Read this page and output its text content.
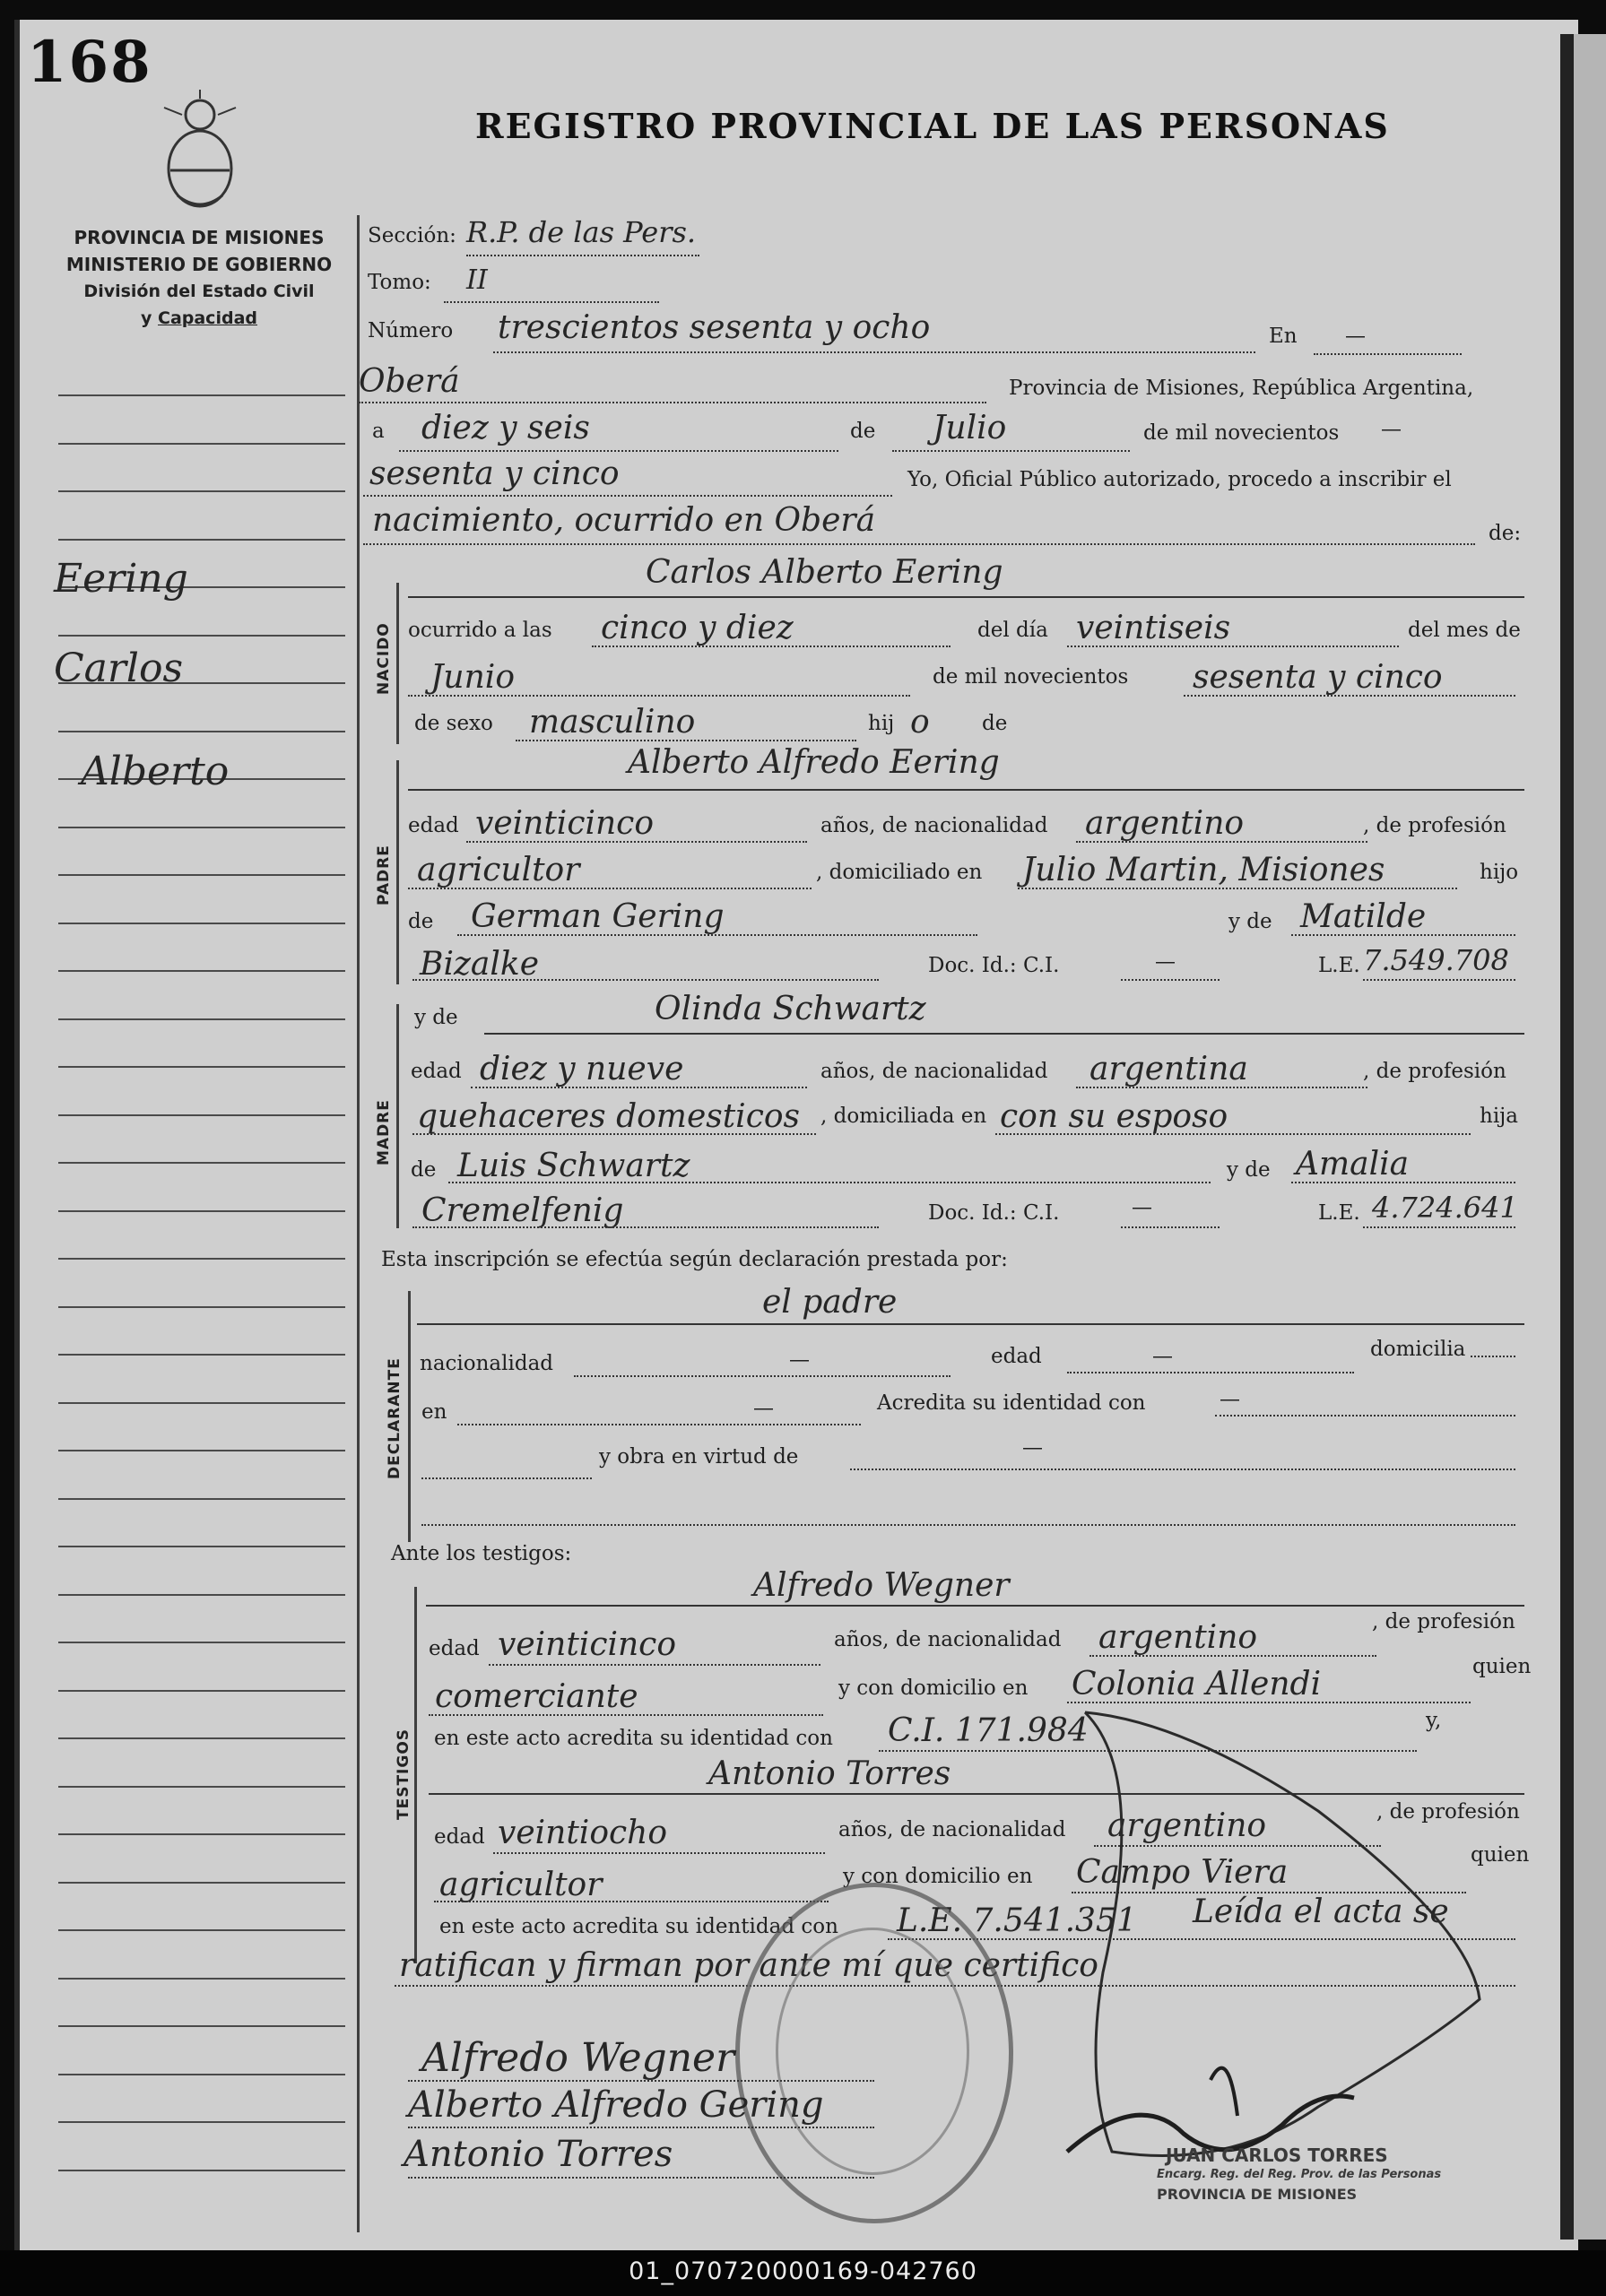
168
REGISTRO PROVINCIAL DE LAS PERSONAS
PROVINCIA DE MISIONES
MINISTERIO DE GOBIERNO
División del Estado Civil
y Capacidad
Eering
Carlos
Alberto
Sección: R.P. de las Pers.
Tomo: II
Número trescientos sesenta y ocho	En —
Oberá	Provincia de Misiones, República Argentina,
a diez y seis	de Julio	de mil novecientos —
sesenta y cinco	Yo, Oficial Público autorizado, procedo a inscribir el
nacimiento, ocurrido en Oberá	de:
NACIDO
Carlos Alberto Eering
ocurrido a las cinco y diez	del día veintiseis	del mes de
Junio	de mil novecientos sesenta y cinco
de sexo masculino	hij o	de
PADRE
Alberto Alfredo Eering
edad veinticinco	años, de nacionalidad argentino	, de profesión
agricultor	, domiciliado en Julio Martin, Misiones	hijo
de German Gering	y de Matilde
Bizalke	Doc. Id.: C.I.	—	L.E. 7.549.708
MADRE
y de	Olinda Schwartz
edad diez y nueve	años, de nacionalidad argentina	, de profesión
quehaceres domesticos , domiciliada en con su esposo	hija
de Luis Schwartz	y de Amalia
Cremelfenig	Doc. Id.: C.I.	—	L.E. 4.724.641
Esta inscripción se efectúa según declaración prestada por:
DECLARANTE
el padre
nacionalidad	—	edad	—	domicilia
en	—	Acredita su identidad con	—
y obra en virtud de	—
Ante los testigos:
TESTIGOS
Alfredo Wegner
edad veinticinco	años, de nacionalidad argentino	, de profesión
comerciante	y con domicilio en Colonia Allendi	quien
en este acto acredita su identidad con C.I. 171.984	y,
Antonio Torres
edad veintiocho	años, de nacionalidad argentino	, de profesión
agricultor	y con domicilio en Campo Viera	quien
en este acto acredita su identidad con L.E. 7.541.351 Leída el acta se
ratifican y firman por ante mí que certifico
Alfredo Wegner
Alberto Alfredo Gering
Antonio Torres	JUAN CARLOS TORRES
Encarg. Reg. del Reg. Prov. de las Personas
PROVINCIA DE MISIONES
01_070720000169-042760
